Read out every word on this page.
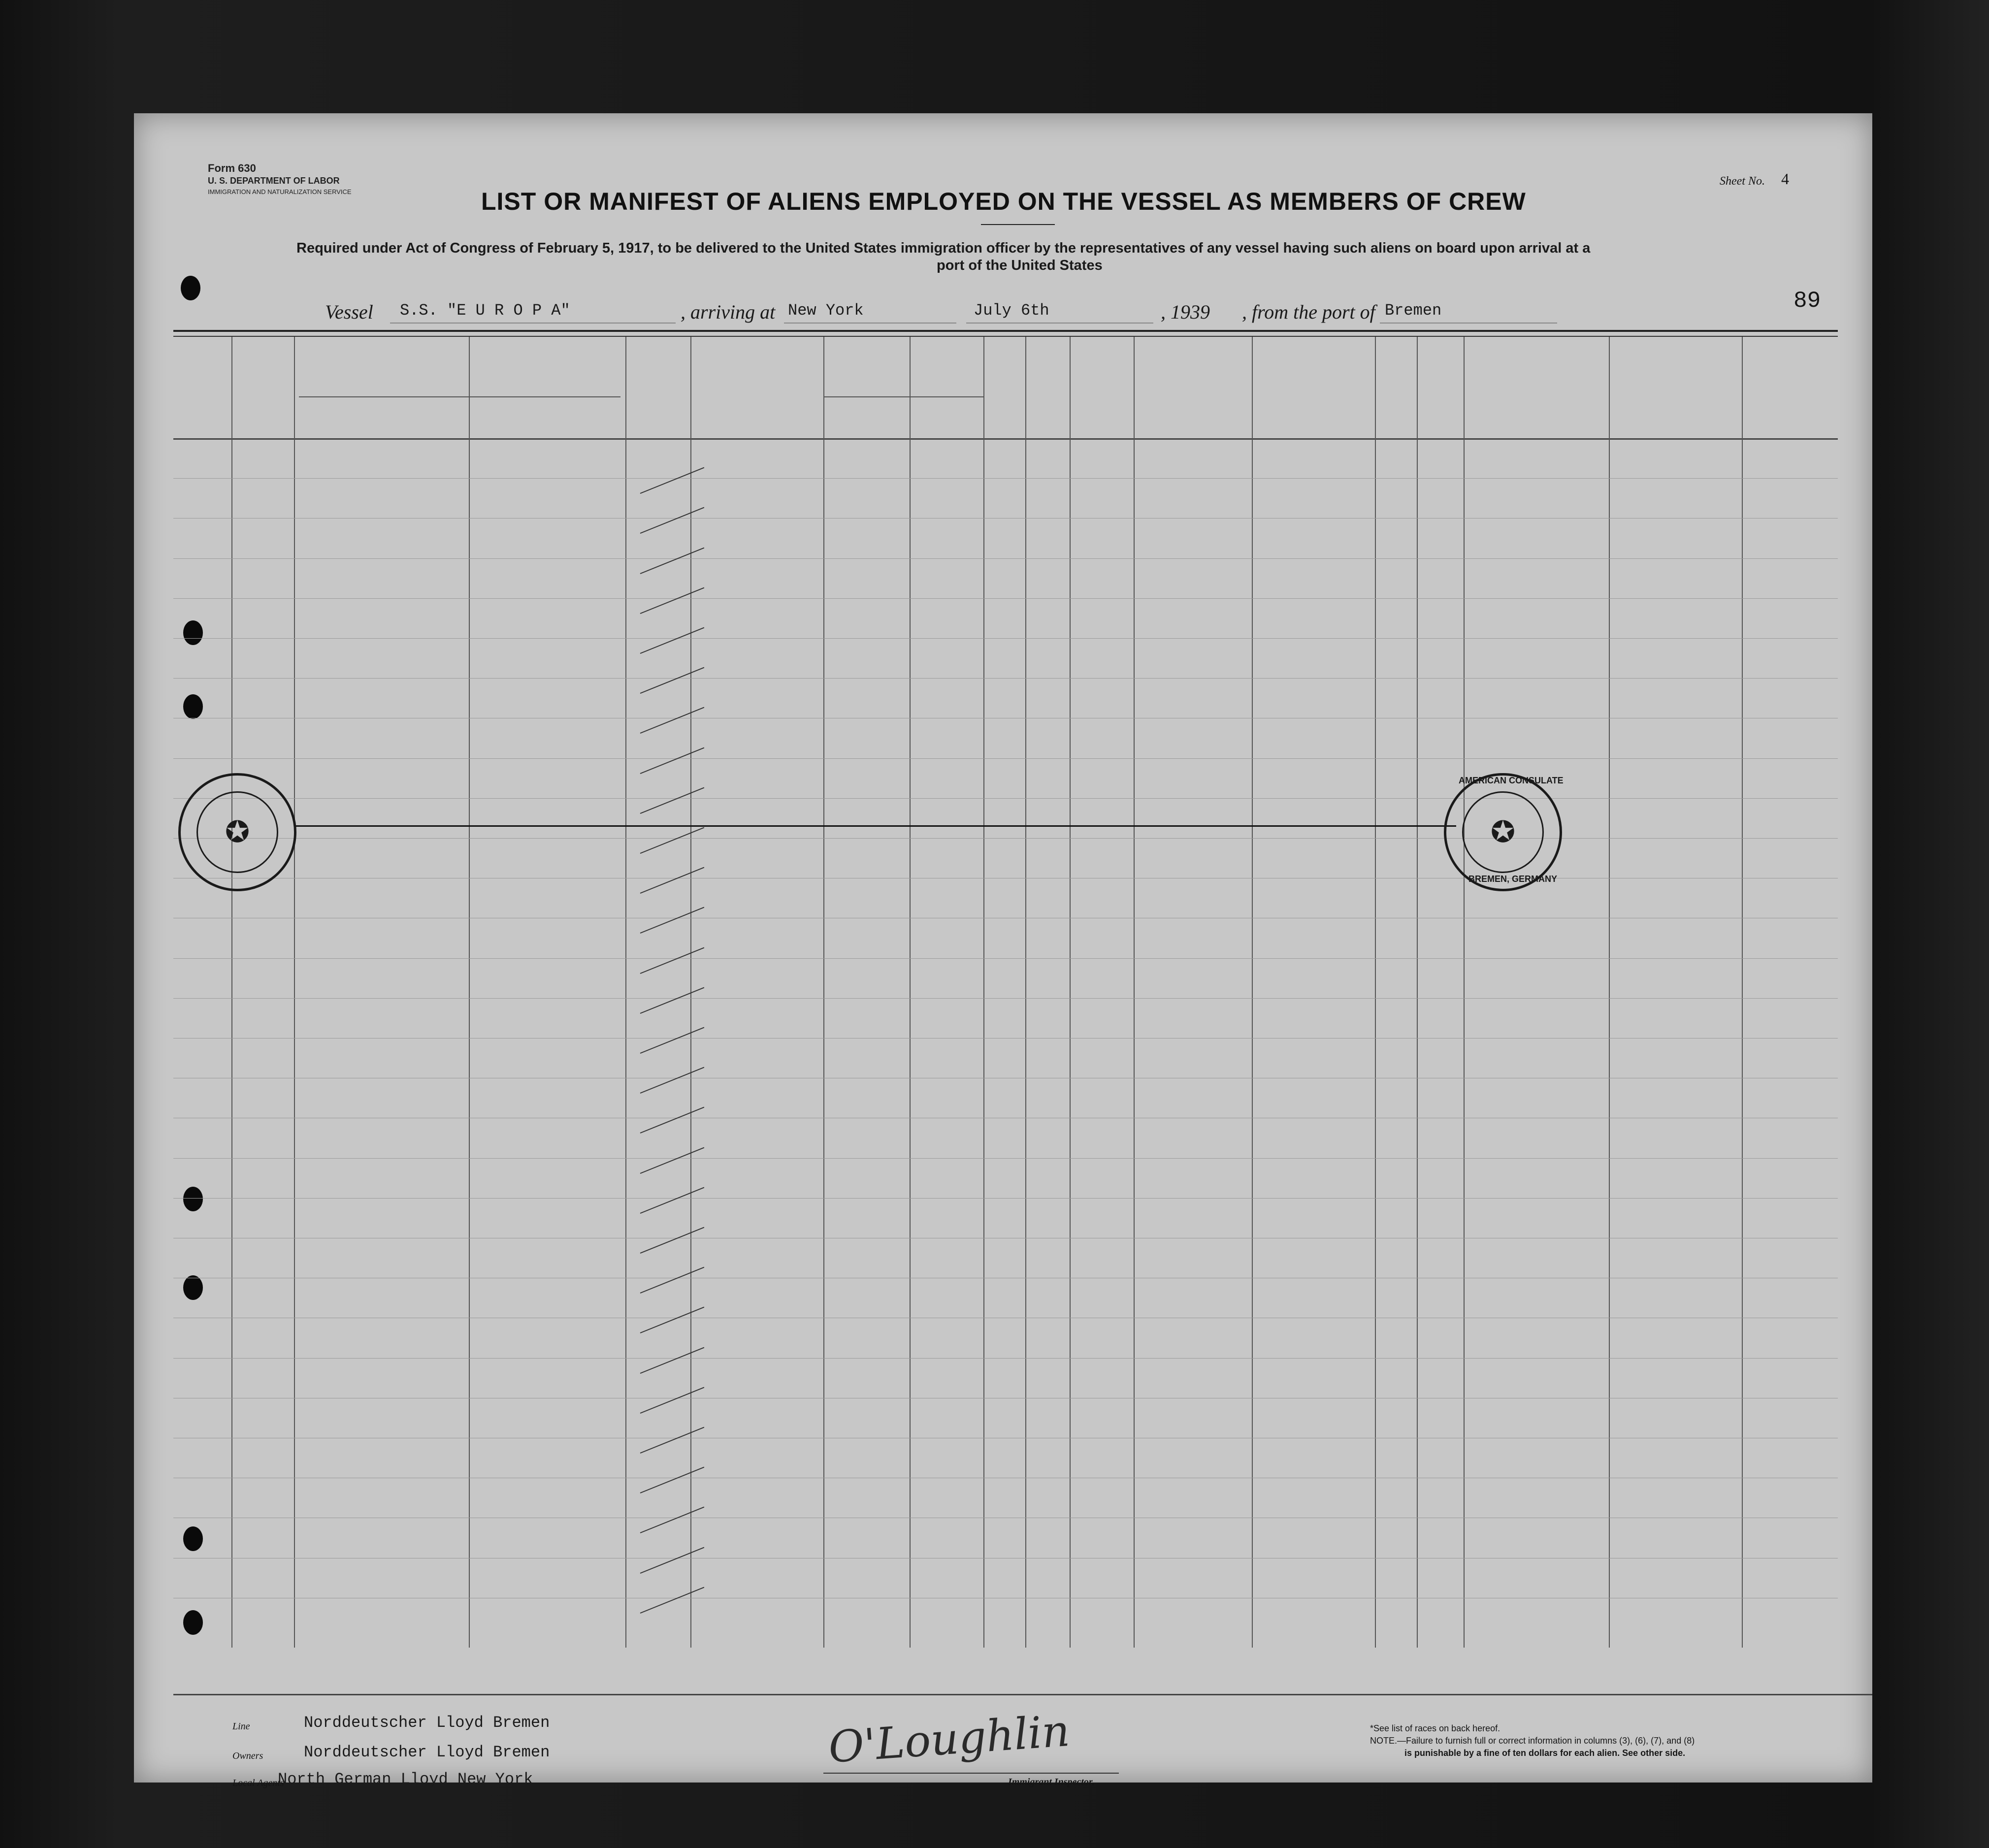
Form 630
U. S. DEPARTMENT OF LABOR
IMMIGRATION AND NATURALIZATION SERVICE
Sheet No. 4
LIST OR MANIFEST OF ALIENS EMPLOYED ON THE VESSEL AS MEMBERS OF CREW
Required under Act of Congress of February 5, 1917, to be delivered to the United States immigration officer by the representatives of any vessel having such aliens on board upon arrival at a
port of the United States
Vessel S.S. "E U R O P A"	, arriving at New York	July 6th	, 1939 , from the port of Bremen	89
✪	✪
AMERICAN CONSULATE
BREMEN, GERMANY
Line	Norddeutscher Lloyd Bremen
Owners	Norddeutscher Lloyd Bremen
Local Agents
North German Lloyd New York
O'Loughlin
Immigrant Inspector.
*See list of races on back hereof.
NOTE.—Failure to furnish full or correct information in columns (3), (6), (7), and (8)
is punishable by a fine of ten dollars for each alien. See other side.
